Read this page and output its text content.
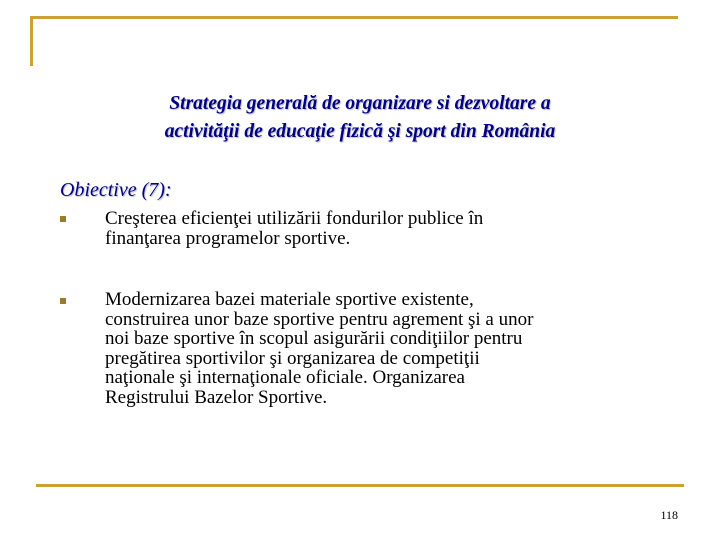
Strategia generală de organizare si dezvoltare a
activităţii de educaţie fizică şi sport din România
Obiective (7):
Creşterea eficienţei utilizării fondurilor publice în
finanţarea programelor sportive.
Modernizarea bazei materiale sportive existente,
construirea unor baze sportive pentru agrement şi a unor
noi baze sportive în scopul asigurării condiţiilor pentru
pregătirea sportivilor şi organizarea de competiţii
naţionale şi internaţionale oficiale. Organizarea
Registrului Bazelor Sportive.
118
